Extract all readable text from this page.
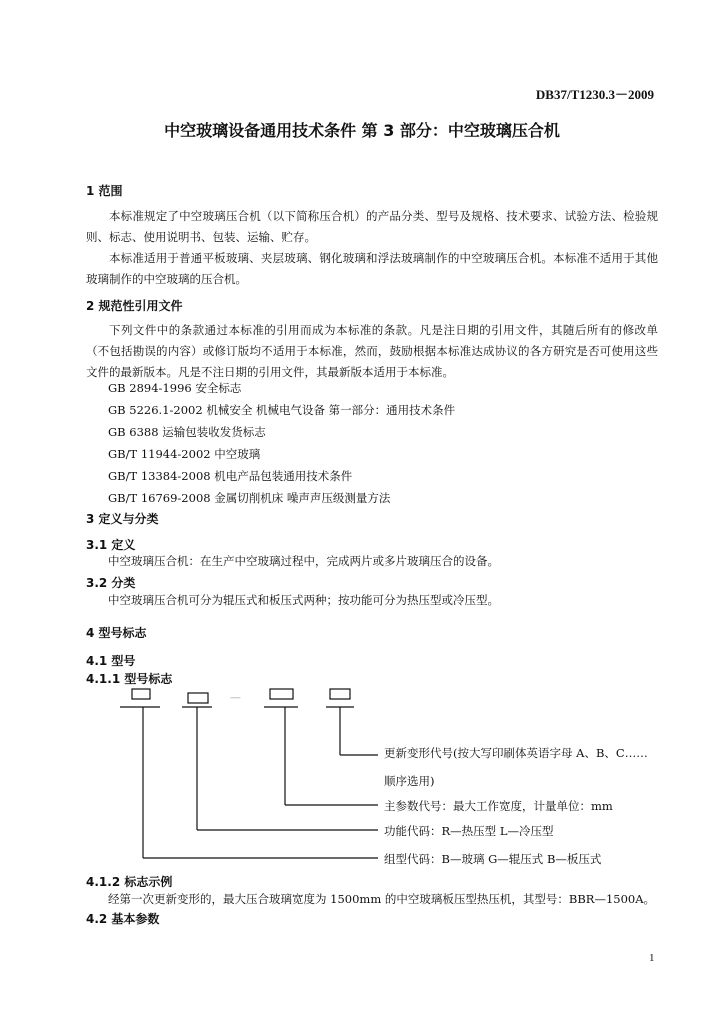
DB37/T1230.3－2009
中空玻璃设备通用技术条件 第 3 部分：中空玻璃压合机
1 范围

本标准规定了中空玻璃压合机（以下简称压合机）的产品分类、型号及规格、技术要求、试验方法、检验规则、标志、使用说明书、包装、运输、贮存。

本标准适用于普通平板玻璃、夹层玻璃、钢化玻璃和浮法玻璃制作的中空玻璃压合机。本标准不适用于其他玻璃制作的中空玻璃的压合机。

2 规范性引用文件

下列文件中的条款通过本标准的引用而成为本标准的条款。凡是注日期的引用文件，其随后所有的修改单（不包括勘误的内容）或修订版均不适用于本标准，然而，鼓励根据本标准达成协议的各方研究是否可使用这些文件的最新版本。凡是不注日期的引用文件，其最新版本适用于本标准。

GB 2894-1996 安全标志
GB 5226.1-2002 机械安全 机械电气设备 第一部分：通用技术条件
GB 6388 运输包装收发货标志
GB/T 11944-2002 中空玻璃
GB/T 13384-2008 机电产品包装通用技术条件
GB/T 16769-2008 金属切削机床 噪声声压级测量方法
3 定义与分类
3.1 定义
中空玻璃压合机：在生产中空玻璃过程中，完成两片或多片玻璃压合的设备。
3.2 分类
中空玻璃压合机可分为辊压式和板压式两种；按功能可分为热压型或冷压型。
4 型号标志
4.1 型号
4.1.1 型号标志
—
更新变形代号(按大写印刷体英语字母 A、B、C……
顺序选用)
主参数代号：最大工作宽度，计量单位：mm
功能代码：R—热压型 L—冷压型
组型代码：B—玻璃 G—辊压式 B—板压式
4.1.2 标志示例
经第一次更新变形的，最大压合玻璃宽度为 1500mm 的中空玻璃板压型热压机，其型号：BBR—1500A。
4.2 基本参数
1
